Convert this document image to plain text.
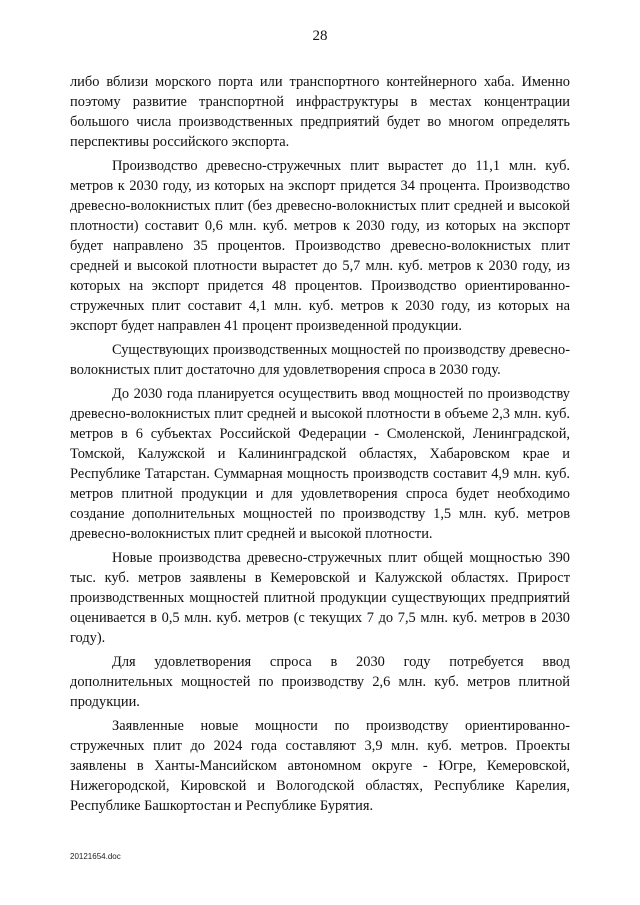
28

либо вблизи морского порта или транспортного контейнерного хаба. Именно поэтому развитие транспортной инфраструктуры в местах концентрации большого числа производственных предприятий будет во многом определять перспективы российского экспорта.

Производство древесно-стружечных плит вырастет до 11,1 млн. куб. метров к 2030 году, из которых на экспорт придется 34 процента. Производство древесно-волокнистых плит (без древесно-волокнистых плит средней и высокой плотности) составит 0,6 млн. куб. метров к 2030 году, из которых на экспорт будет направлено 35 процентов. Производство древесно-волокнистых плит средней и высокой плотности вырастет до 5,7 млн. куб. метров к 2030 году, из которых на экспорт придется 48 процентов. Производство ориентированно-стружечных плит составит 4,1 млн. куб. метров к 2030 году, из которых на экспорт будет направлен 41 процент произведенной продукции.

Существующих производственных мощностей по производству древесно-волокнистых плит достаточно для удовлетворения спроса в 2030 году.

До 2030 года планируется осуществить ввод мощностей по производству древесно-волокнистых плит средней и высокой плотности в объеме 2,3 млн. куб. метров в 6 субъектах Российской Федерации - Смоленской, Ленинградской, Томской, Калужской и Калининградской областях, Хабаровском крае и Республике Татарстан. Суммарная мощность производств составит 4,9 млн. куб. метров плитной продукции и для удовлетворения спроса будет необходимо создание дополнительных мощностей по производству 1,5 млн. куб. метров древесно-волокнистых плит средней и высокой плотности.

Новые производства древесно-стружечных плит общей мощностью 390 тыс. куб. метров заявлены в Кемеровской и Калужской областях. Прирост производственных мощностей плитной продукции существующих предприятий оценивается в 0,5 млн. куб. метров (с текущих 7 до 7,5 млн. куб. метров в 2030 году).

Для удовлетворения спроса в 2030 году потребуется ввод дополнительных мощностей по производству 2,6 млн. куб. метров плитной продукции.

Заявленные новые мощности по производству ориентированно-стружечных плит до 2024 года составляют 3,9 млн. куб. метров. Проекты заявлены в Ханты-Мансийском автономном округе - Югре, Кемеровской, Нижегородской, Кировской и Вологодской областях, Республике Карелия, Республике Башкортостан и Республике Бурятия.

20121654.doc
